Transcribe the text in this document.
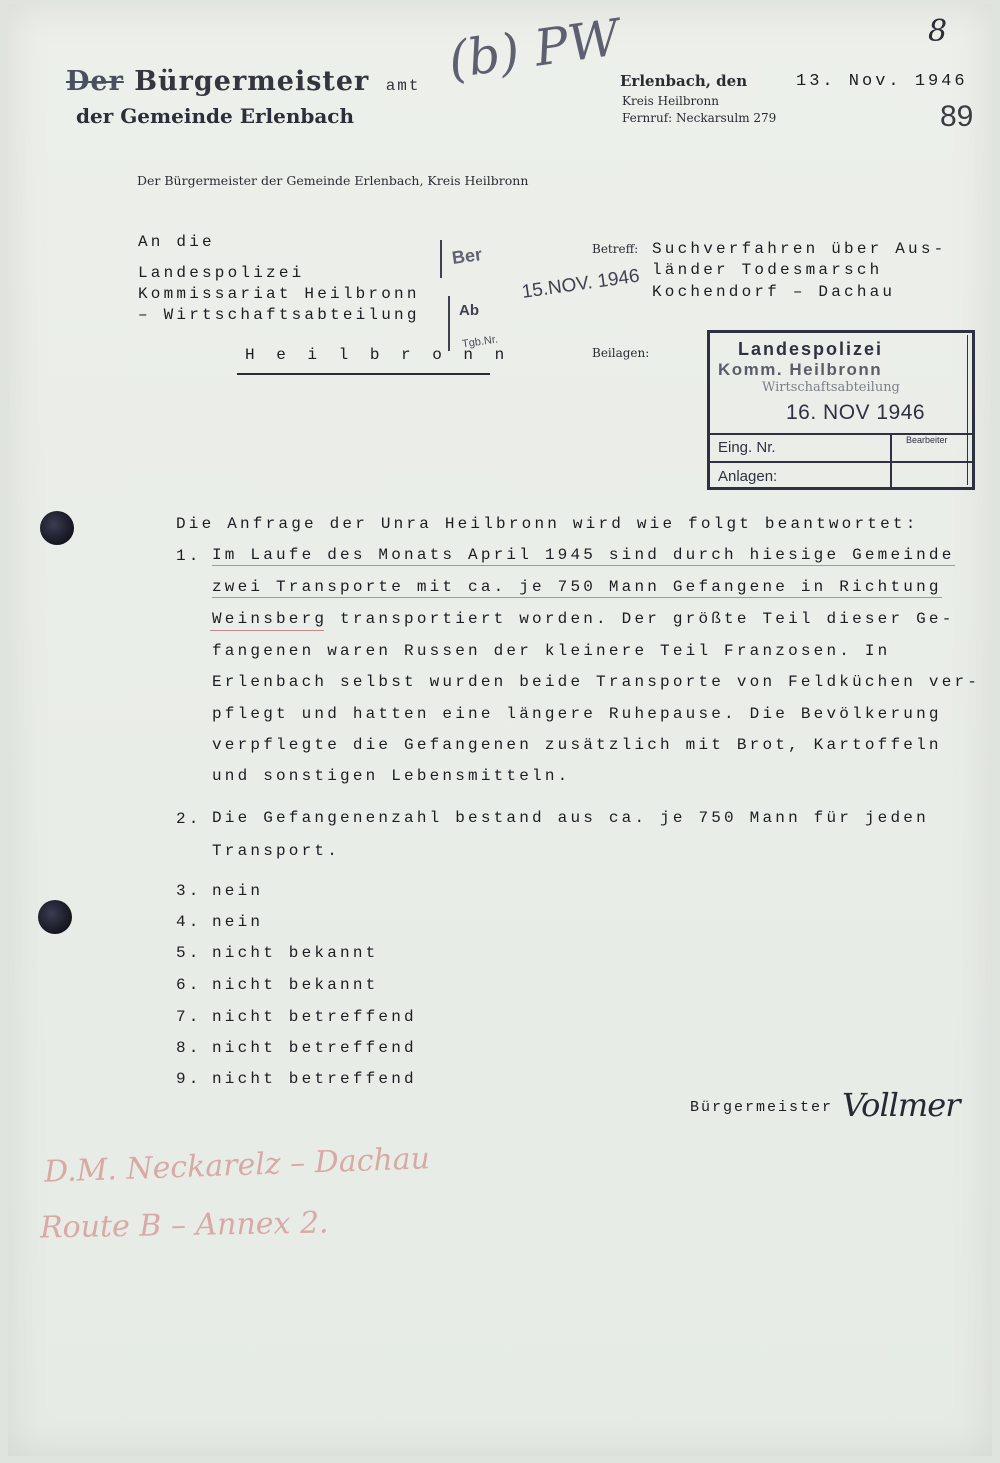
8
89
(b) PW
Der Bürgermeister amt
der Gemeinde Erlenbach
Erlenbach, den	13. Nov. 1946
Kreis Heilbronn
Fernruf: Neckarsulm 279
Der Bürgermeister der Gemeinde Erlenbach, Kreis Heilbronn
An die
Landespolizei
Kommissariat Heilbronn
– Wirtschaftsabteilung
H e i l b r o n n
Ber
Ab
15.NOV. 1946
Tgb.Nr.
Betreff: Suchverfahren über Aus-
länder Todesmarsch
Kochendorf – Dachau
Beilagen:	Landespolizei
Komm. Heilbronn
Wirtschaftsabteilung
16. NOV 1946
Eing. Nr.	Bearbeiter
Anlagen:
Die Anfrage der Unra Heilbronn wird wie folgt beantwortet:
1. Im Laufe des Monats April 1945 sind durch hiesige Gemeinde
zwei Transporte mit ca. je 750 Mann Gefangene in Richtung
Weinsberg transportiert worden. Der größte Teil dieser Ge-
fangenen waren Russen der kleinere Teil Franzosen. In
Erlenbach selbst wurden beide Transporte von Feldküchen ver-
pflegt und hatten eine längere Ruhepause. Die Bevölkerung
verpflegte die Gefangenen zusätzlich mit Brot, Kartoffeln
und sonstigen Lebensmitteln.
2. Die Gefangenenzahl bestand aus ca. je 750 Mann für jeden
Transport.
3. nein
4. nein
5. nicht bekannt
6. nicht bekannt
7. nicht betreffend
8. nicht betreffend
9. nicht betreffend
Bürgermeister Vollmer
D.M. Neckarelz – Dachau
Route B – Annex 2.
